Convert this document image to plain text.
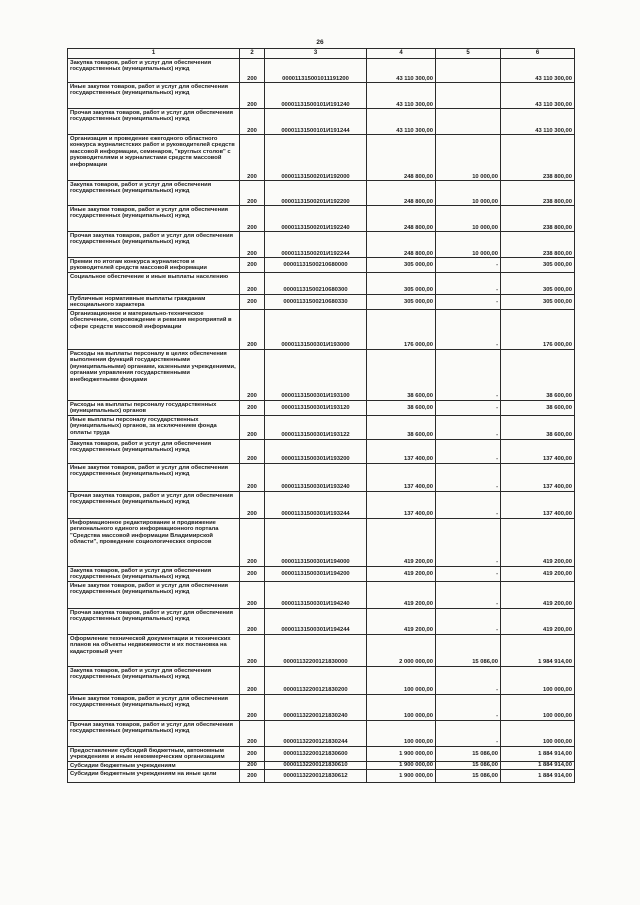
26
1	2	3	4	5	6
Закупка товаров, работ и услуг для обеспечения государственных (муниципальных) нужд	200	000011315001011191200	43 110 300,00		43 110 300,00
Иные закупки товаров, работ и услуг для обеспечения государственных (муниципальных) нужд	200	00001131500101И191240	43 110 300,00		43 110 300,00
Прочая закупка товаров, работ и услуг для обеспечения государственных (муниципальных) нужд	200	00001131500101И191244	43 110 300,00		43 110 300,00
Организация и проведение ежегодного областного конкурса журналистских работ и руководителей средств массовой информации, семинаров, "круглых столов" с руководителями и журналистами средств массовой информации	200	00001131500201И192000	248 800,00	10 000,00	238 800,00
Закупка товаров, работ и услуг для обеспечения государственных (муниципальных) нужд	200	00001131500201И192200	248 800,00	10 000,00	238 800,00
Иные закупки товаров, работ и услуг для обеспечения государственных (муниципальных) нужд	200	00001131500201И192240	248 800,00	10 000,00	238 800,00
Прочая закупка товаров, работ и услуг для обеспечения государственных (муниципальных) нужд	200	00001131500201И192244	248 800,00	10 000,00	238 800,00
Премии по итогам конкурса журналистов и руководителей средств массовой информации	200	00001131500210680000	305 000,00	-	305 000,00
Социальное обеспечение и иные выплаты населению	200	00001131500210680300	305 000,00	-	305 000,00
Публичные нормативные выплаты гражданам несоциального характера	200	00001131500210680330	305 000,00	-	305 000,00
Организационное и материально-техническое обеспечение, сопровождение и ревизия мероприятий в сфере средств массовой информации	200	00001131500301И193000	176 000,00	-	176 000,00
Расходы на выплаты персоналу в целях обеспечения выполнения функций государственными (муниципальными) органами, казенными учреждениями, органами управления государственными внебюджетными фондами	200	00001131500301И193100	38 600,00	-	38 600,00
Расходы на выплаты персоналу государственных (муниципальных) органов	200	00001131500301И193120	38 600,00	-	38 600,00
Иные выплаты персоналу государственных (муниципальных) органов, за исключением фонда оплаты труда	200	00001131500301И193122	38 600,00	-	38 600,00
Закупка товаров, работ и услуг для обеспечения государственных (муниципальных) нужд	200	00001131500301И193200	137 400,00	-	137 400,00
Иные закупки товаров, работ и услуг для обеспечения государственных (муниципальных) нужд	200	00001131500301И193240	137 400,00	-	137 400,00
Прочая закупка товаров, работ и услуг для обеспечения государственных (муниципальных) нужд	200	00001131500301И193244	137 400,00	-	137 400,00
Информационное редактирование и продвижение регионального единого информационного портала "Средства массовой информации Владимирской области", проведение социологических опросов	200	00001131500301И194000	419 200,00	-	419 200,00
Закупка товаров, работ и услуг для обеспечения государственных (муниципальных) нужд	200	00001131500301И194200	419 200,00	-	419 200,00
Иные закупки товаров, работ и услуг для обеспечения государственных (муниципальных) нужд	200	00001131500301И194240	419 200,00	-	419 200,00
Прочая закупка товаров, работ и услуг для обеспечения государственных (муниципальных) нужд	200	00001131500301И194244	419 200,00	-	419 200,00
Оформление технической документации и технических планов на объекты недвижимости и их постановка на кадастровый учет	200	00001132200121830000	2 000 000,00	15 086,00	1 984 914,00
Закупка товаров, работ и услуг для обеспечения государственных (муниципальных) нужд	200	00001132200121830200	100 000,00	-	100 000,00
Иные закупки товаров, работ и услуг для обеспечения государственных (муниципальных) нужд	200	00001132200121830240	100 000,00	-	100 000,00
Прочая закупка товаров, работ и услуг для обеспечения государственных (муниципальных) нужд	200	00001132200121830244	100 000,00	-	100 000,00
Предоставление субсидий бюджетным, автономным учреждениям и иным некоммерческим организациям	200	00001132200121830600	1 900 000,00	15 086,00	1 884 914,00
Субсидии бюджетным учреждениям	200	00001132200121830610	1 900 000,00	15 086,00	1 884 914,00
Субсидии бюджетным учреждениям на иные цели	200	00001132200121830612	1 900 000,00	15 086,00	1 884 914,00
